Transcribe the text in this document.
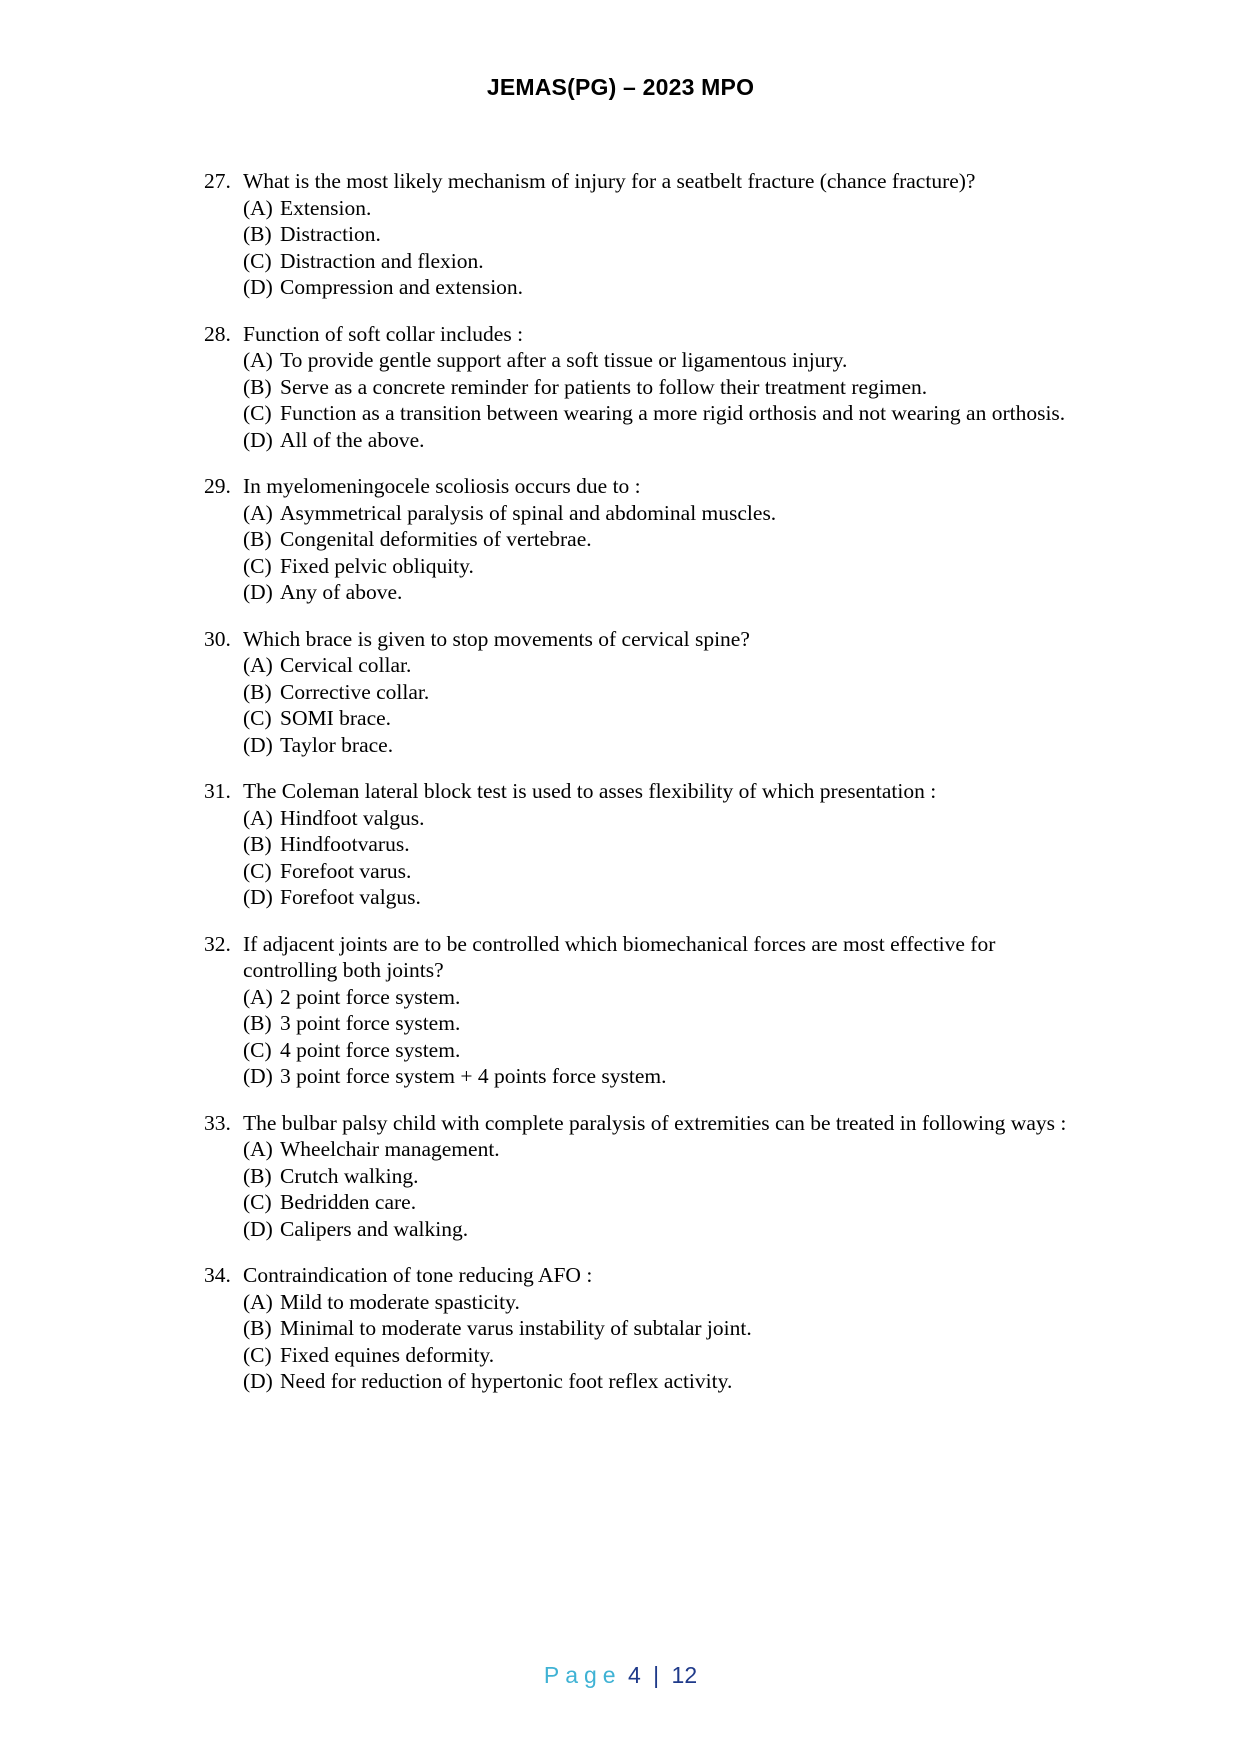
JEMAS(PG) – 2023 MPO
27. What is the most likely mechanism of injury for a seatbelt fracture (chance fracture)?
(A) Extension.
(B) Distraction.
(C) Distraction and flexion.
(D) Compression and extension.
28. Function of soft collar includes :
(A) To provide gentle support after a soft tissue or ligamentous injury.
(B) Serve as a concrete reminder for patients to follow their treatment regimen.
(C) Function as a transition between wearing a more rigid orthosis and not wearing an orthosis.
(D) All of the above.
29. In myelomeningocele scoliosis occurs due to :
(A) Asymmetrical paralysis of spinal and abdominal muscles.
(B) Congenital deformities of vertebrae.
(C) Fixed pelvic obliquity.
(D) Any of above.
30. Which brace is given to stop movements of cervical spine?
(A) Cervical collar.
(B) Corrective collar.
(C) SOMI brace.
(D) Taylor brace.
31. The Coleman lateral block test is used to asses flexibility of which presentation :
(A) Hindfoot valgus.
(B) Hindfootvarus.
(C) Forefoot varus.
(D) Forefoot valgus.
32. If adjacent joints are to be controlled which biomechanical forces are most effective for controlling both joints?
(A) 2 point force system.
(B) 3 point force system.
(C) 4 point force system.
(D) 3 point force system + 4 points force system.
33. The bulbar palsy child with complete paralysis of extremities can be treated in following ways :
(A) Wheelchair management.
(B) Crutch walking.
(C) Bedridden care.
(D) Calipers and walking.
34. Contraindication of tone reducing AFO :
(A) Mild to moderate spasticity.
(B) Minimal to moderate varus instability of subtalar joint.
(C) Fixed equines deformity.
(D) Need for reduction of hypertonic foot reflex activity.
Page 4 | 12
